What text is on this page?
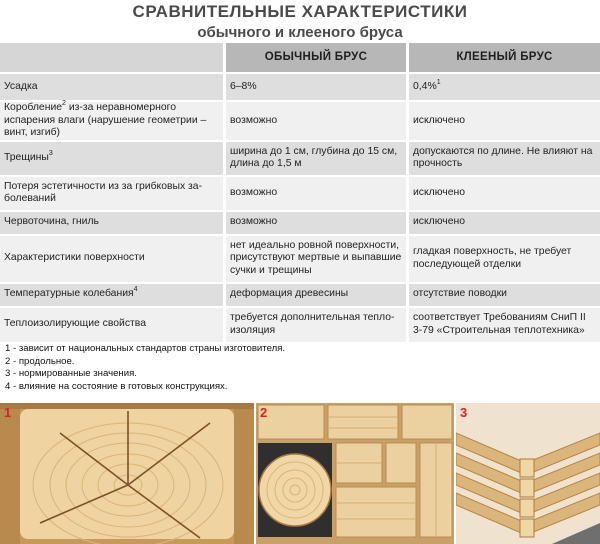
СРАВНИТЕЛЬНЫЕ ХАРАКТЕРИСТИКИ
обычного и клееного бруса
	ОБЫЧНЫЙ БРУС	КЛЕЕНЫЙ БРУС
Усадка	6–8%	0,4%$^1$
Коробление$^2$ из-за неравномерного испарения влаги (нарушение геометрии – винт, изгиб)	возможно	исключено
Трещины$^3$	ширина до 1 см, глубина до 15 см, длина до 1,5 м	допускаются по длине. Не влияют на прочность
Потеря эстетичности из за грибковых за-болеваний	возможно	исключено
Червоточина, гниль	возможно	исключено
Характеристики поверхности	нет идеально ровной поверхности, присутствуют мертвые и выпавшие сучки и трещины	гладкая поверхность, не требует последующей отделки
Температурные колебания$^4$	деформация древесины	отсутствие поводки
Теплоизолирующие свойства	требуется дополнительная тепло-изоляция	соответствует Требованиям СниП II 3-79 «Строительная теплотехника»
1 - зависит от национальных стандартов страны изготовителя.
2 - продольное.
3 - нормированные значения.
4 - влияние на состояние в готовых конструкциях.
1	2	3
